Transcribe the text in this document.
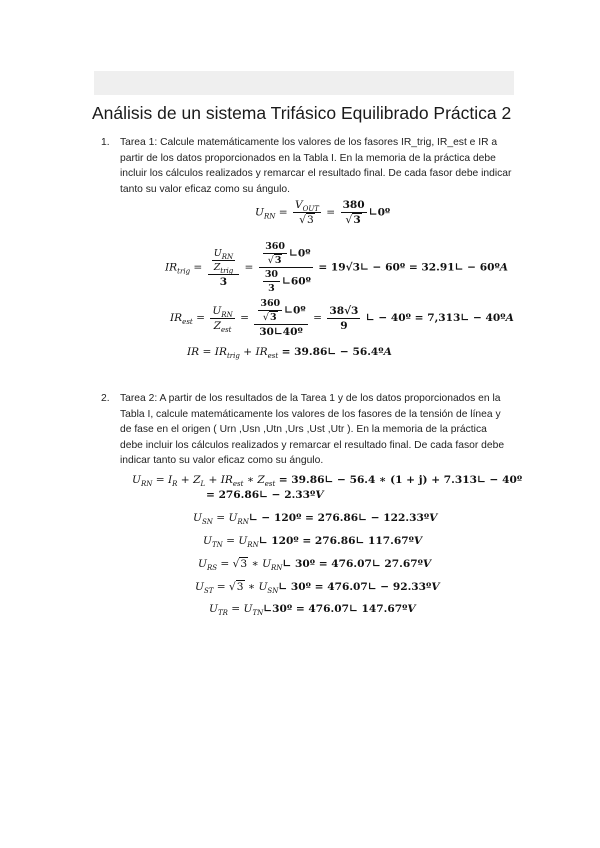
Análisis de un sistema Trifásico Equilibrado Práctica 2
1. Tarea 1: Calcule matemáticamente los valores de los fasores IR_trig, IR_est e IR a partir de los datos proporcionados en la Tabla I. En la memoria de la práctica debe incluir los cálculos realizados y remarcar el resultado final. De cada fasor debe indicar tanto su valor eficaz como su ángulo.
$U_{RN} = \frac{V_{OUT}}{√3} = \frac{380}{√3}$ ∟0º
$IR_{trig} = \frac{\frac{U_{RN}}{Z_{trig}}}{3} = \frac{\frac{360}{√3} ∟0º}{\frac{30}{3} ∟60º}$ = 19√3∟ − 60º = 32.91∟ − 60ºA
$IR_{est} = \frac{U_{RN}}{Z_{est}} = \frac{\frac{360}{√3} ∟0º}{\text{30∟40º}} = \frac{38√3}{9}$ ∟ − 40º = 7,313∟ − 40ºA
IR = $IR_{trig} + IR_{est}$ = 39.86∟ − 56.4ºA
2. Tarea 2: A partir de los resultados de la Tarea 1 y de los datos proporcionados en la Tabla I, calcule matemáticamente los valores de los fasores de la tensión de línea y de fase en el origen ( Urn ,Usn ,Utn ,Urs ,Ust ,Utr ). En la memoria de la práctica debe incluir los cálculos realizados y remarcar el resultado final. De cada fasor debe indicar tanto su valor eficaz como su ángulo.
$U_{RN} = I_R + Z_L + IR_{est}$ ∗ $Z_{est}$ = 39.86∟ − 56.4 ∗ (1 + j) + 7.313∟ − 40º
= 276.86∟ − 2.33ºV
$U_{SN}$ = $U_{RN}∟$ − 120º = 276.86∟ − 122.33ºV
$U_{TN}$ = $U_{RN}∟$ 120º = 276.86∟ 117.67ºV
$U_{RS} = √3$ ∗ $U_{RN}∟$ 30º = 476.07∟ 27.67ºV
$U_{ST} = √3$ ∗ $U_{SN}∟$ 30º = 476.07∟ − 92.33ºV
$U_{TR}$ = $U_{TN}∟30º$ = 476.07∟ 147.67ºV
